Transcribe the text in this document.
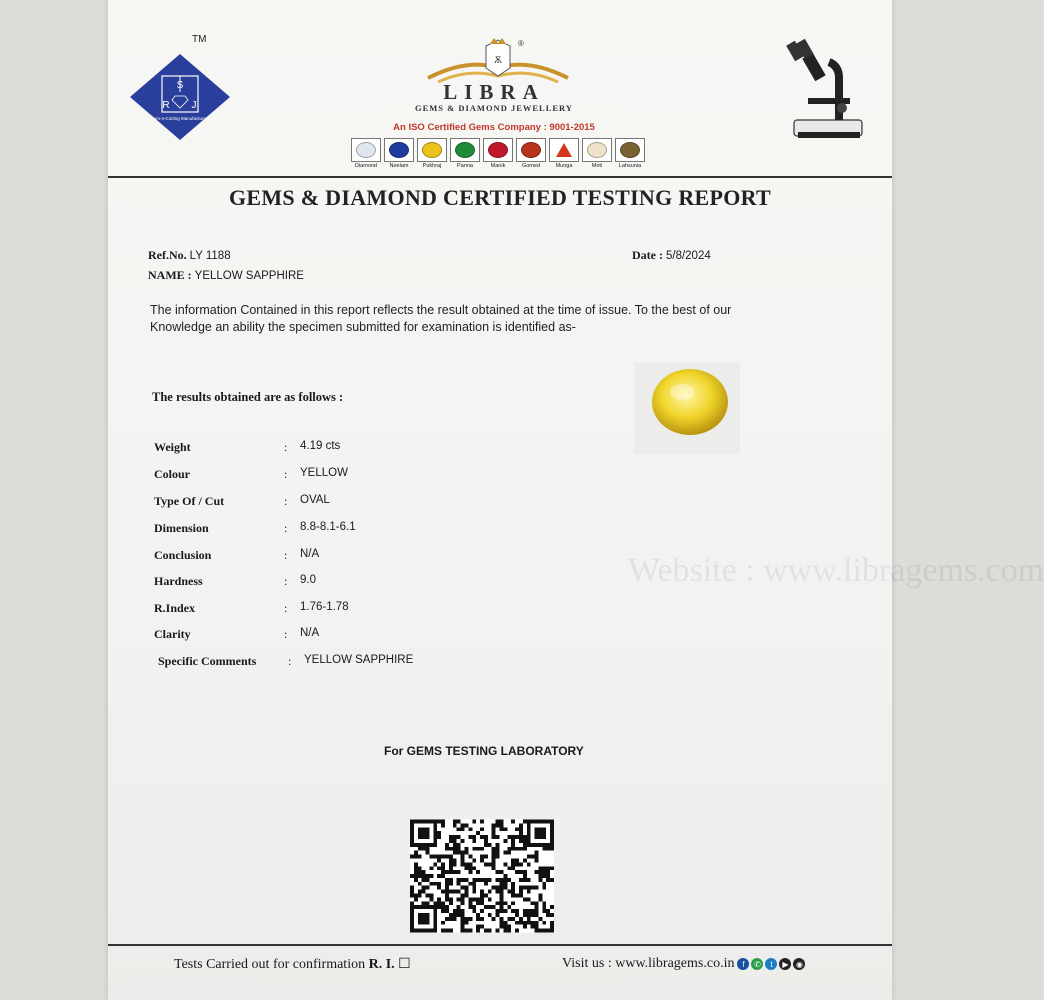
S
R J
Gem-n-Cutting Manufacturers
TM
Ѫ
®
LIBRA
GEMS & DIAMOND JEWELLERY
An ISO Certified Gems Company : 9001-2015
Diamond Neelam	Pukhraj	Panna	Manik	Gomed	Munga	Moti	Lahsunia
GEMS & DIAMOND CERTIFIED TESTING REPORT
Ref.No. LY 1188
NAME : YELLOW SAPPHIRE
Date : 5/8/2024
The information Contained in this report reflects the result obtained at the time of issue. To the best of our Knowledge an ability the specimen submitted for examination is identified as-
The results obtained are as follows :
Weight	: 4.19 cts
Colour	: YELLOW
Type Of / Cut	: OVAL
Dimension	: 8.8-8.1-6.1
Conclusion	: N/A
Hardness	: 9.0
R.Index	: 1.76-1.78
Clarity	: N/A
Specific Comments	: YELLOW SAPPHIRE
Website : www.libragems.com
For GEMS TESTING LABORATORY
Tests Carried out for confirmation R. I. ☐	Visit us : www.libragems.co.in f	✆	t	▶ ◉
